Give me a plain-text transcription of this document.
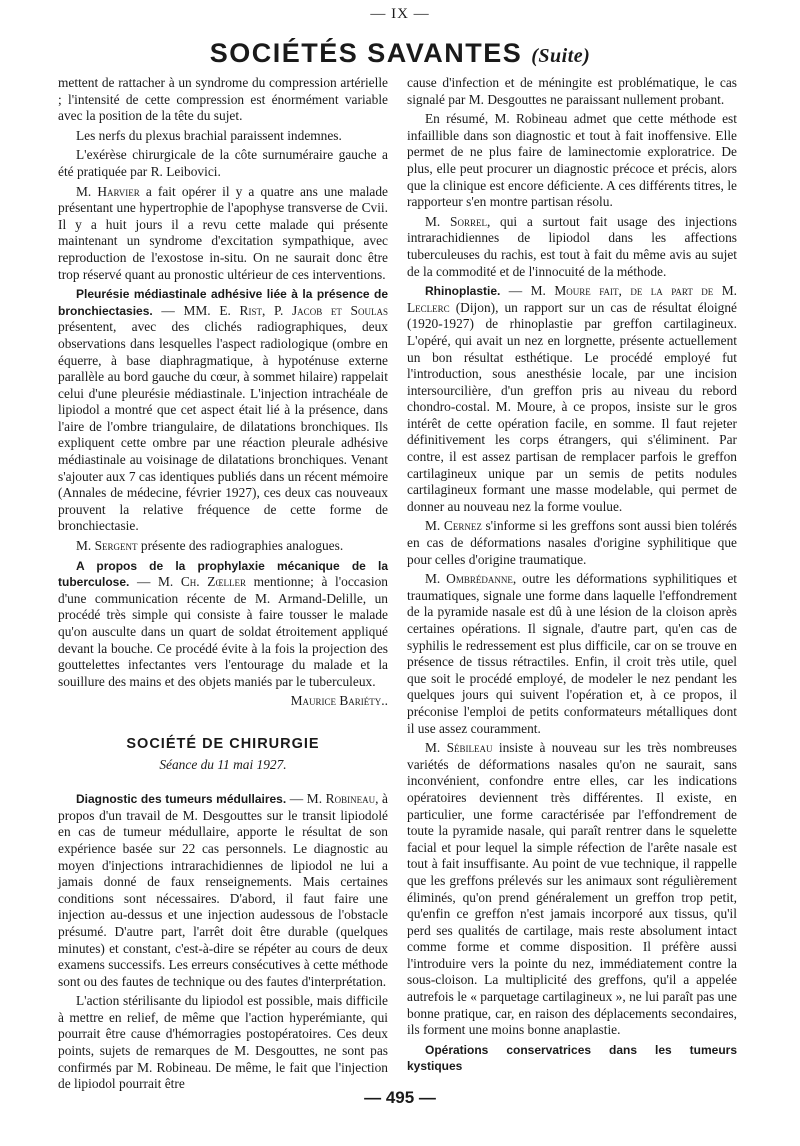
— IX —
SOCIÉTÉS SAVANTES (Suite)

mettent de rattacher à un syndrome du compression artérielle ; l'intensité de cette compression est énormément variable avec la position de la tête du sujet.

Les nerfs du plexus brachial paraissent indemnes.

L'exérèse chirurgicale de la côte surnuméraire gauche a été pratiquée par R. Leibovici.

M. Harvier a fait opérer il y a quatre ans une malade présentant une hypertrophie de l'apophyse transverse de Cvii. Il y a huit jours il a revu cette malade qui présente maintenant un syndrome d'excitation sympathique, avec reproduction de l'exostose in-situ. On ne saurait donc être trop réservé quant au pronostic ultérieur de ces interventions.

Pleurésie médiastinale adhésive liée à la présence de bronchiectasies. — MM. E. Rist, P. Jacob et Soulas présentent, avec des clichés radiographiques, deux observations dans lesquelles l'aspect radiologique (ombre en équerre, à base diaphragmatique, à hypoténuse externe parallèle au bord gauche du cœur, à sommet hilaire) rappelait celui d'une pleurésie médiastinale. L'injection intrachéale de lipiodol a montré que cet aspect était lié à la présence, dans l'aire de l'ombre triangulaire, de dilatations bronchiques. Ils expliquent cette ombre par une réaction pleurale adhésive médiastinale au voisinage de dilatations bronchiques. Venant s'ajouter aux 7 cas identiques publiés dans un récent mémoire (Annales de médecine, février 1927), ces deux cas nouveaux prouvent la relative fréquence de cette forme de bronchiectasie.

M. Sergent présente des radiographies analogues.

A propos de la prophylaxie mécanique de la tuberculose. — M. Ch. Zœller mentionne; à l'occasion d'une communication récente de M. Armand-Delille, un procédé très simple qui consiste à faire tousser le malade qu'on ausculte dans un quart de soldat étroitement appliqué devant la bouche. Ce procédé évite à la fois la projection des gouttelettes infectantes vers l'entourage du malade et la souillure des mains et des objets maniés par le tuberculeux.

Maurice Bariéty..

SOCIÉTÉ DE CHIRURGIE
Séance du 11 mai 1927.

Diagnostic des tumeurs médullaires. — M. Robineau, à propos d'un travail de M. Desgouttes sur le transit lipiodolé en cas de tumeur médullaire, apporte le résultat de son expérience basée sur 22 cas personnels. Le diagnostic au moyen d'injections intrarachidiennes de lipiodol ne lui a jamais donné de faux renseignements. Mais certaines conditions sont nécessaires. D'abord, il faut faire une injection au-dessus et une injection audessous de l'obstacle présumé. D'autre part, l'arrêt doit être durable (quelques minutes) et constant, c'est-à-dire se répéter au cours de deux examens successifs. Les erreurs consécutives à cette méthode sont ou des fautes de technique ou des fautes d'interprétation.

L'action stérilisante du lipiodol est possible, mais difficile à mettre en relief, de même que l'action hyperémiante, qui pourrait être cause d'hémorragies postopératoires. Ces deux points, sujets de remarques de M. Desgouttes, ne sont pas confirmés par M. Robineau. De même, le fait que l'injection de lipiodol pourrait être

cause d'infection et de méningite est problématique, le cas signalé par M. Desgouttes ne paraissant nullement probant.

En résumé, M. Robineau admet que cette méthode est infaillible dans son diagnostic et tout à fait inoffensive. Elle permet de ne plus faire de laminectomie exploratrice. De plus, elle peut procurer un diagnostic précoce et précis, alors que la clinique est encore déficiente. A ces différents titres, le rapporteur s'en montre partisan résolu.

M. Sorrel, qui a surtout fait usage des injections intrarachidiennes de lipiodol dans les affections tuberculeuses du rachis, est tout à fait du même avis au sujet de la commodité et de l'innocuité de la méthode.

Rhinoplastie. — M. Moure fait, de la part de M. Leclerc (Dijon), un rapport sur un cas de résultat éloigné (1920-1927) de rhinoplastie par greffon cartilagineux. L'opéré, qui avait un nez en lorgnette, présente actuellement un bon résultat esthétique. Le procédé employé fut l'introduction, sous anesthésie locale, par une incision intersourcilière, d'un greffon pris au niveau du rebord chondro-costal. M. Moure, à ce propos, insiste sur le gros intérêt de cette opération facile, en somme. Il faut rejeter définitivement les corps étrangers, qui s'éliminent. Par contre, il est assez partisan de remplacer parfois le greffon cartilagineux unique par un semis de petits nodules cartilagineux formant une masse modelable, qui permet de donner au nouveau nez la forme voulue.

M. Cernez s'informe si les greffons sont aussi bien tolérés en cas de déformations nasales d'origine syphilitique que pour celles d'origine traumatique.

M. Ombrédanne, outre les déformations syphilitiques et traumatiques, signale une forme dans laquelle l'effondrement de la pyramide nasale est dû à une lésion de la cloison après certaines opérations. Il signale, d'autre part, qu'en cas de syphilis le redressement est plus difficile, car on se trouve en présence de tissus rétractiles. Enfin, il croit très utile, quel que soit le procédé employé, de modeler le nez pendant les quelques jours qui suivent l'opération et, à ce propos, il préconise l'emploi de petits conformateurs métalliques dont il use assez couramment.

M. Sébileau insiste à nouveau sur les très nombreuses variétés de déformations nasales qu'on ne saurait, sans inconvénient, confondre entre elles, car les indications opératoires deviennent très différentes. Il existe, en particulier, une forme caractérisée par l'effondrement de toute la pyramide nasale, qui paraît rentrer dans le squelette facial et pour lequel la simple réfection de l'arête nasale est tout à fait insuffisante. Au point de vue technique, il rappelle que les greffons prélevés sur les animaux sont régulièrement éliminés, qu'on prend généralement un greffon trop petit, qu'enfin ce greffon n'est jamais incorporé aux tissus, qu'il perd ses qualités de cartilage, mais reste absolument intact comme forme et comme disposition. Il préfère aussi l'introduire vers la pointe du nez, immédiatement contre la sous-cloison. La multiplicité des greffons, qu'il a appelée autrefois le « parquetage cartilagineux », ne lui paraît pas une bonne pratique, car, en raison des déplacements secondaires, ils forment une moins bonne anaplastie.

Opérations conservatrices dans les tumeurs kystiques

— 495 —
